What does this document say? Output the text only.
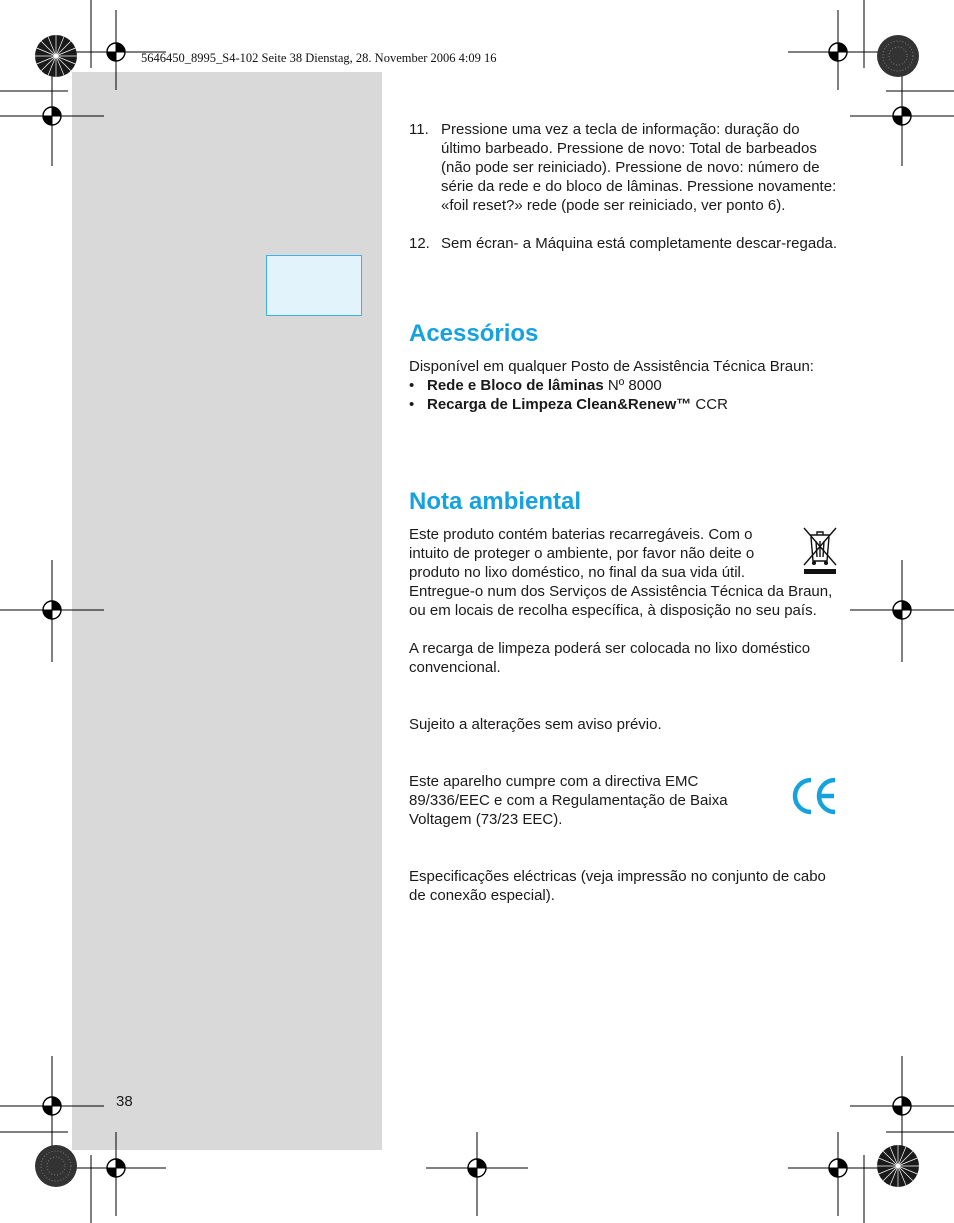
5646450_8995_S4-102 Seite 38 Dienstag, 28. November 2006 4:09 16
11. Pressione uma vez a tecla de informação: duração do último barbeado. Pressione de novo: Total de barbeados (não pode ser reiniciado). Pressione de novo: número de série da rede e do bloco de lâminas. Pressione novamente: «foil reset?» rede (pode ser reiniciado, ver ponto 6).
12. Sem écran- a Máquina está completamente descar-regada.
Acessórios

Disponível em qualquer Posto de Assistência Técnica Braun:

• Rede e Bloco de lâminas Nº 8000
• Recarga de Limpeza Clean&Renew™ CCR
Nota ambiental

Este produto contém baterias recarregáveis. Com o intuito de proteger o ambiente, por favor não deite o produto no lixo doméstico, no final da sua vida útil. Entregue-o num dos Serviços de Assistência Técnica da Braun, ou em locais de recolha específica, à disposição no seu país.

A recarga de limpeza poderá ser colocada no lixo doméstico convencional.

Sujeito a alterações sem aviso prévio.

Este aparelho cumpre com a directiva EMC 89/336/EEC e com a Regulamentação de Baixa Voltagem (73/23 EEC).

Especificações eléctricas (veja impressão no conjunto de cabo de conexão especial).

38
